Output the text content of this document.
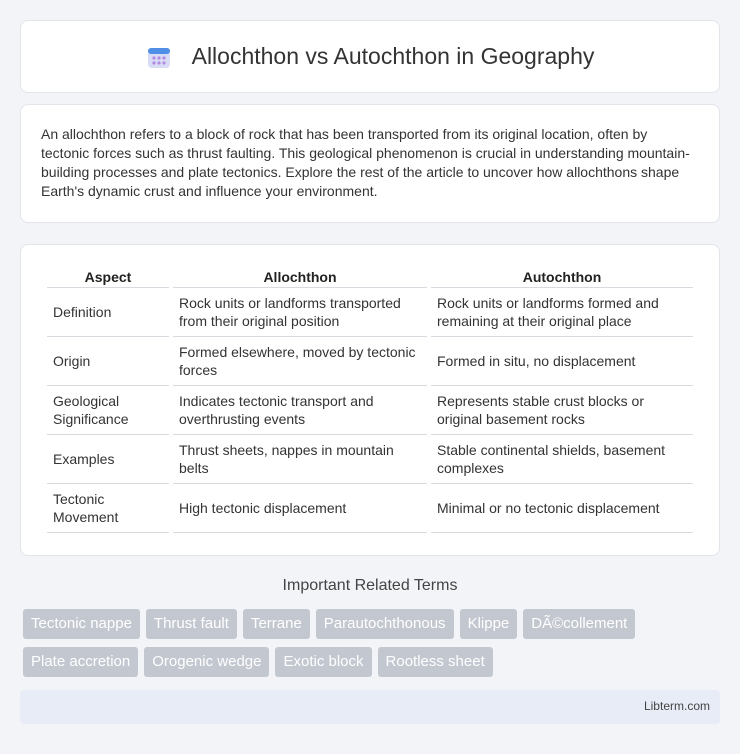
Allochthon vs Autochthon in Geography

An allochthon refers to a block of rock that has been transported from its original location, often by tectonic forces such as thrust faulting. This geological phenomenon is crucial in understanding mountain-building processes and plate tectonics. Explore the rest of the article to uncover how allochthons shape Earth's dynamic crust and influence your environment.

Aspect	Allochthon	Autochthon
Definition	Rock units or landforms transported from their original position	Rock units or landforms formed and remaining at their original place
Origin	Formed elsewhere, moved by tectonic forces	Formed in situ, no displacement
Geological Significance	Indicates tectonic transport and overthrusting events	Represents stable crust blocks or original basement rocks
Examples	Thrust sheets, nappes in mountain belts	Stable continental shields, basement complexes
Tectonic Movement	High tectonic displacement	Minimal or no tectonic displacement
Important Related Terms
Tectonic nappe	Thrust fault	Terrane	Parautochthonous	Klippe	DÃ©collement
Plate accretion	Orogenic wedge	Exotic block	Rootless sheet
Libterm.com
